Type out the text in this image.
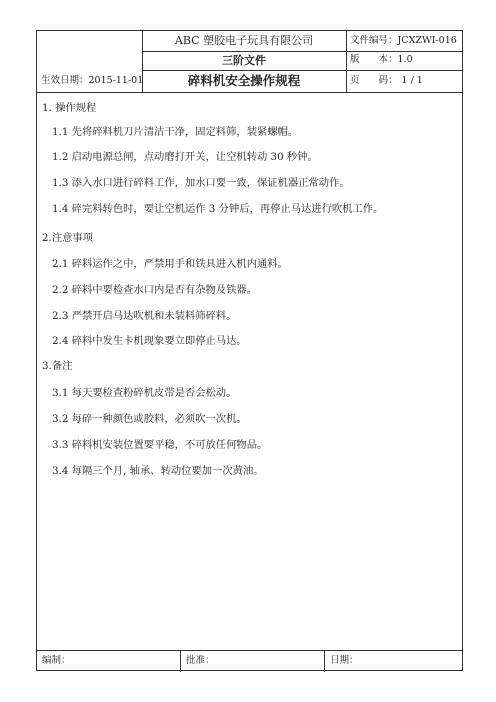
ABC 塑胶电子玩具有限公司	文件编号：JCXZWI-016
三阶文件	版　　本：1.0
生效日期：2015-11-01	碎料机安全操作规程	页　　码： 1 / 1
1. 操作规程
1.1 先将碎料机刀片清洁干净，固定料筛，装紧螺帽。
1.2 启动电源总闸，点动磨打开关，让空机转动 30 秒钟。
1.3 添入水口进行碎料工作，加水口要一致，保证机器正常动作。
1.4 碎完料转色时，要让空机运作 3 分钟后，再停止马达进行吹机工作。
2.注意事项
2.1 碎料运作之中，严禁用手和铁具进入机内通料。
2.2 碎料中要检查水口内是否有杂物及铁器。
2.3 严禁开启马达吹机和未装料筛碎料。
2.4 碎料中发生卡机现象要立即停止马达。
3.备注
3.1 每天要检查粉碎机皮带是否会松动。
3.2 每碎一种颜色或胶料，必须吹一次机。
3.3 碎料机安装位置要平稳，不可放任何物品。
3.4 每隔三个月, 轴承、转动位要加一次黄油。
编制：	批准：	日期：
